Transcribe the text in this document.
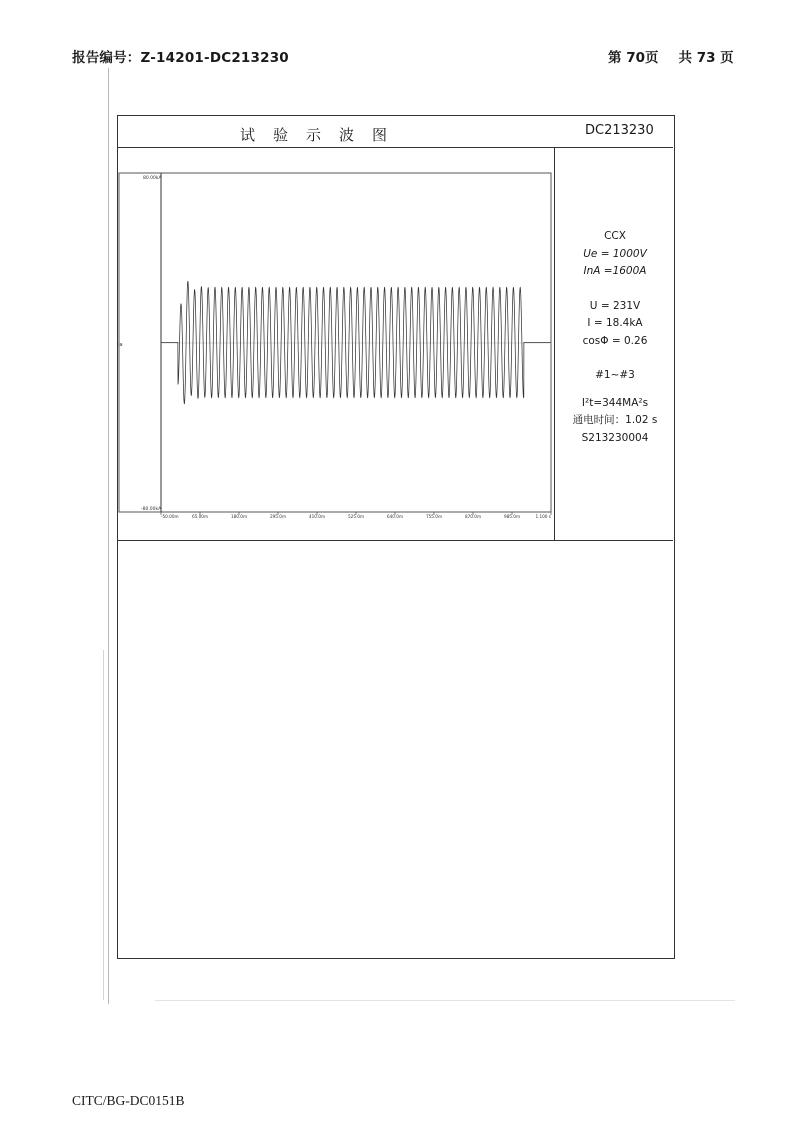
报告编号：Z-14201-DC213230	第 70页 共 73 页
试验示波图	DC213230
80.00kA
-80.00kA
Ia
-50.00m	65.00m	180.0m	295.0m	410.0m	525.0m	640.0m	755.0m	870.0m	985.0m	1.100 s
CCX
Ue = 1000V
InA =1600A
U = 231V
I = 18.4kA
cosΦ = 0.26
#1~#3
I²t=344MA²s
通电时间：1.02 s
S213230004
CITC/BG-DC0151B
